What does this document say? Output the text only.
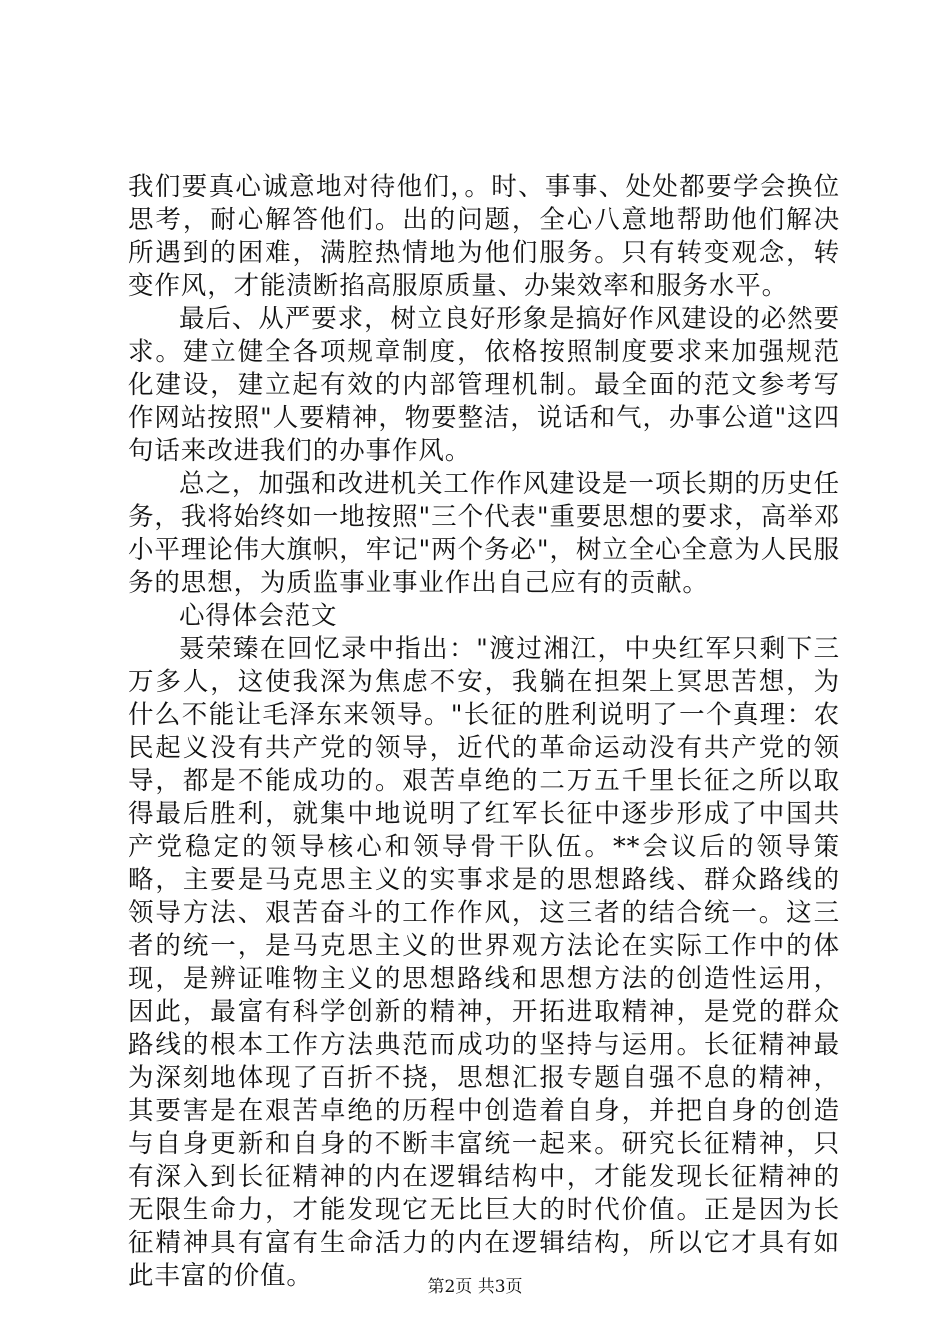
我们要真心诚意地对待他们，。时、事事、处处都要学会换位思考，耐心解答他们。出的问题，全心八意地帮助他们解决所遇到的困难，满腔热情地为他们服务。只有转变观念，转变作风，才能渍断掐高服原质量、办粜效率和服务水平。

最后、从严要求，树立良好形象是搞好作风建设的必然要求。建立健全各项规章制度，依格按照制度要求来加强规范化建设，建立起有效的内部管理机制。最全面的范文参考写作网站按照"人要精神，物要整洁，说话和气，办事公道"这四句话来改进我们的办事作风。

总之，加强和改进机关工作作风建设是一项长期的历史任务，我将始终如一地按照"三个代表"重要思想的要求，高举邓小平理论伟大旗帜，牢记"两个务必"，树立全心全意为人民服务的思想，为质监事业事业作出自己应有的贡献。

心得体会范文

聂荣臻在回忆录中指出："渡过湘江，中央红军只剩下三万多人，这使我深为焦虑不安，我躺在担架上冥思苦想，为什么不能让毛泽东来领导。"长征的胜利说明了一个真理：农民起义没有共产党的领导，近代的革命运动没有共产党的领导，都是不能成功的。艰苦卓绝的二万五千里长征之所以取得最后胜利，就集中地说明了红军长征中逐步形成了中国共产党稳定的领导核心和领导骨干队伍。**会议后的领导策略，主要是马克思主义的实事求是的思想路线、群众路线的领导方法、艰苦奋斗的工作作风，这三者的结合统一。这三者的统一，是马克思主义的世界观方法论在实际工作中的体现，是辨证唯物主义的思想路线和思想方法的创造性运用，因此，最富有科学创新的精神，开拓进取精神，是党的群众路线的根本工作方法典范而成功的坚持与运用。长征精神最为深刻地体现了百折不挠，思想汇报专题自强不息的精神，其要害是在艰苦卓绝的历程中创造着自身，并把自身的创造与自身更新和自身的不断丰富统一起来。研究长征精神，只有深入到长征精神的内在逻辑结构中，才能发现长征精神的无限生命力，才能发现它无比巨大的时代价值。正是因为长征精神具有富有生命活力的内在逻辑结构，所以它才具有如此丰富的价值。	第2页 共3页
